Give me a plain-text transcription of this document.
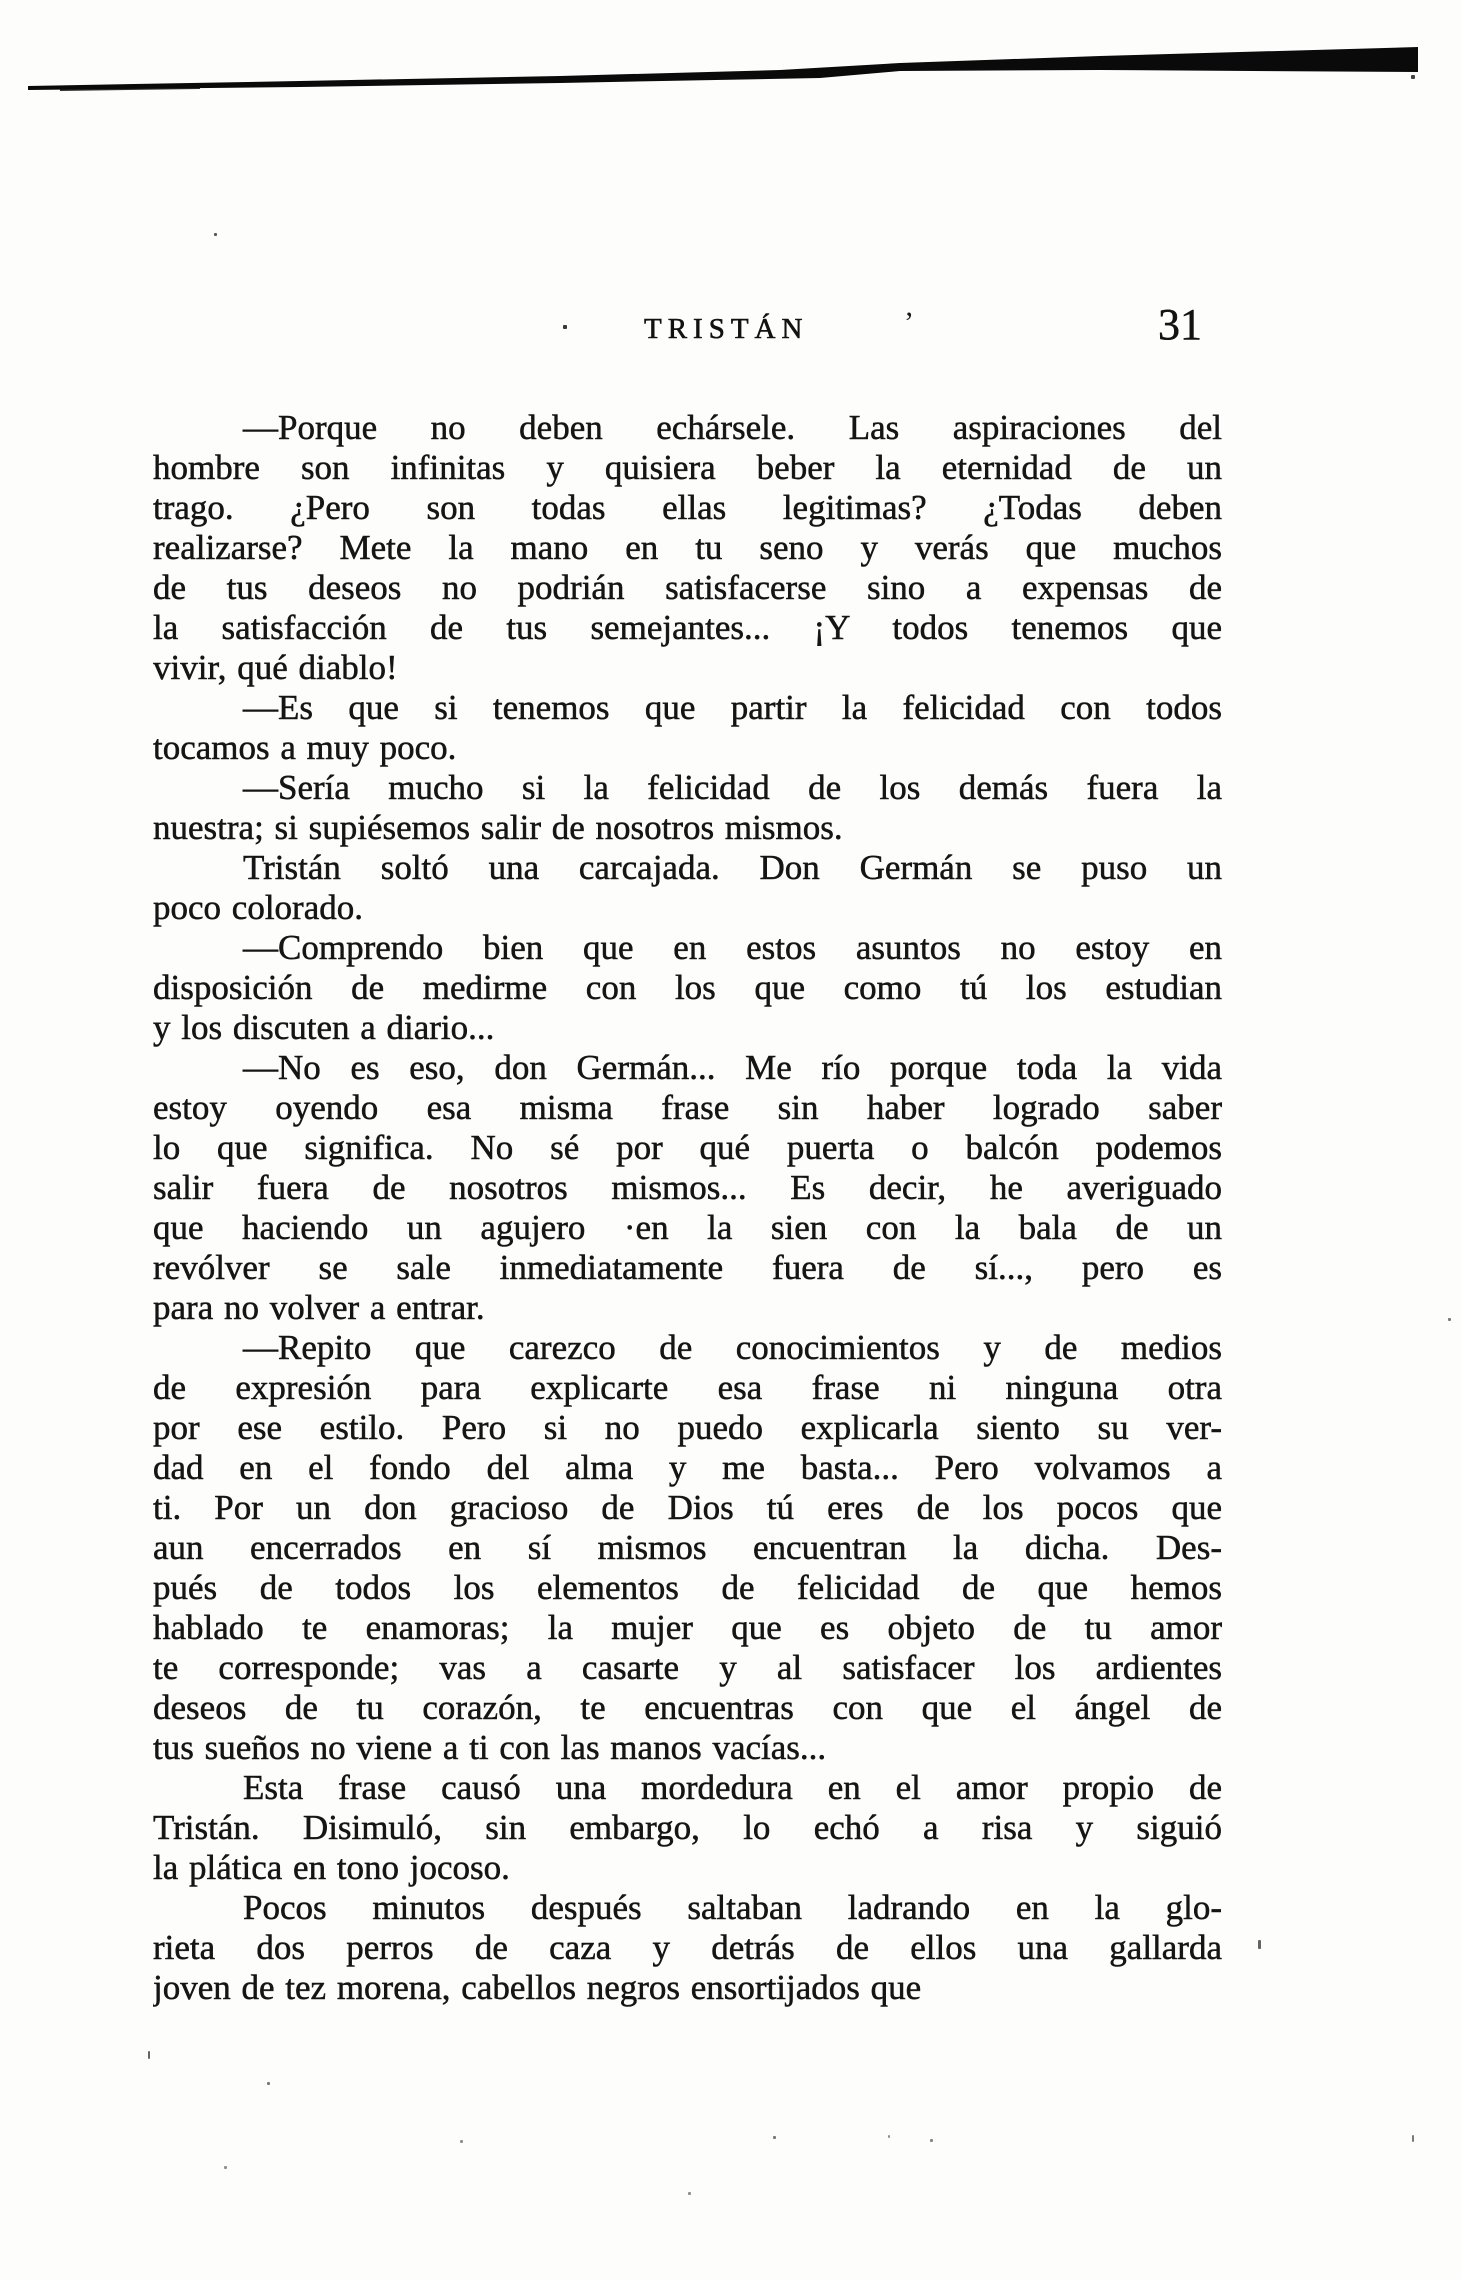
TRISTÁN	’	31
—Porque no deben echársele. Las aspiraciones del
hombre son infinitas y quisiera beber la eternidad de un
trago. ¿Pero son todas ellas legitimas? ¿Todas deben
realizarse? Mete la mano en tu seno y verás que muchos
de tus deseos no podrián satisfacerse sino a expensas de
la satisfacción de tus semejantes... ¡Y todos tenemos que
vivir, qué diablo!
—Es que si tenemos que partir la felicidad con todos
tocamos a muy poco.
—Sería mucho si la felicidad de los demás fuera la
nuestra; si supiésemos salir de nosotros mismos.
Tristán soltó una carcajada. Don Germán se puso un
poco colorado.
—Comprendo bien que en estos asuntos no estoy en
disposición de medirme con los que como tú los estudian
y los discuten a diario...
—No es eso, don Germán... Me río porque toda la vida
estoy oyendo esa misma frase sin haber logrado saber
lo que significa. No sé por qué puerta o balcón podemos
salir fuera de nosotros mismos... Es decir, he averiguado
que haciendo un agujero ·en la sien con la bala de un
revólver se sale inmediatamente fuera de sí..., pero es
para no volver a entrar.
—Repito que carezco de conocimientos y de medios
de expresión para explicarte esa frase ni ninguna otra
por ese estilo. Pero si no puedo explicarla siento su ver-
dad en el fondo del alma y me basta... Pero volvamos a
ti. Por un don gracioso de Dios tú eres de los pocos que
aun encerrados en sí mismos encuentran la dicha. Des-
pués de todos los elementos de felicidad de que hemos
hablado te enamoras; la mujer que es objeto de tu amor
te corresponde; vas a casarte y al satisfacer los ardientes
deseos de tu corazón, te encuentras con que el ángel de
tus sueños no viene a ti con las manos vacías...
Esta frase causó una mordedura en el amor propio de
Tristán. Disimuló, sin embargo, lo echó a risa y siguió
la plática en tono jocoso.
Pocos minutos después saltaban ladrando en la glo-
rieta dos perros de caza y detrás de ellos una gallarda
joven de tez morena, cabellos negros ensortijados que
